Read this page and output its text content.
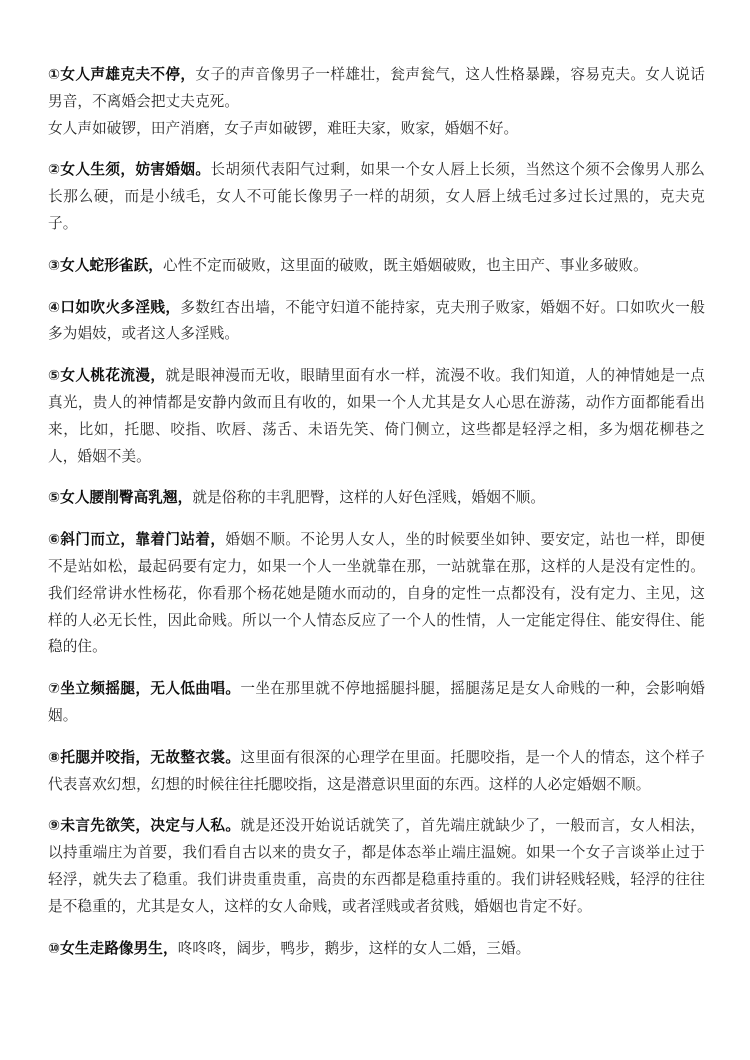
①女人声雄克夫不停，女子的声音像男子一样雄壮，瓮声瓮气，这人性格暴躁，容易克夫。女人说话男音，不离婚会把丈夫克死。
女人声如破锣，田产消磨，女子声如破锣，难旺夫家，败家，婚姻不好。

②女人生须，妨害婚姻。长胡须代表阳气过剩，如果一个女人唇上长须，当然这个须不会像男人那么长那么硬，而是小绒毛，女人不可能长像男子一样的胡须，女人唇上绒毛过多过长过黑的，克夫克子。

③女人蛇形雀跃，心性不定而破败，这里面的破败，既主婚姻破败，也主田产、事业多破败。

④口如吹火多淫贱，多数红杏出墙，不能守妇道不能持家，克夫刑子败家，婚姻不好。口如吹火一般多为娼妓，或者这人多淫贱。

⑤女人桃花流漫，就是眼神漫而无收，眼睛里面有水一样，流漫不收。我们知道，人的神情她是一点真光，贵人的神情都是安静内敛而且有收的，如果一个人尤其是女人心思在游荡，动作方面都能看出来，比如，托腮、咬指、吹唇、荡舌、未语先笑、倚门侧立，这些都是轻浮之相，多为烟花柳巷之人，婚姻不美。

⑤女人腰削臀高乳翘，就是俗称的丰乳肥臀，这样的人好色淫贱，婚姻不顺。

⑥斜门而立，靠着门站着，婚姻不顺。不论男人女人，坐的时候要坐如钟、要安定，站也一样，即便不是站如松，最起码要有定力，如果一个人一坐就靠在那，一站就靠在那，这样的人是没有定性的。我们经常讲水性杨花，你看那个杨花她是随水而动的，自身的定性一点都没有，没有定力、主见，这样的人必无长性，因此命贱。所以一个人情态反应了一个人的性情，人一定能定得住、能安得住、能稳的住。

⑦坐立频摇腿，无人低曲唱。一坐在那里就不停地摇腿抖腿，摇腿荡足是女人命贱的一种，会影响婚姻。

⑧托腮并咬指，无故整衣裳。这里面有很深的心理学在里面。托腮咬指，是一个人的情态，这个样子代表喜欢幻想，幻想的时候往往托腮咬指，这是潜意识里面的东西。这样的人必定婚姻不顺。

⑨未言先欲笑，决定与人私。就是还没开始说话就笑了，首先端庄就缺少了，一般而言，女人相法，以持重端庄为首要，我们看自古以来的贵女子，都是体态举止端庄温婉。如果一个女子言谈举止过于轻浮，就失去了稳重。我们讲贵重贵重，高贵的东西都是稳重持重的。我们讲轻贱轻贱，轻浮的往往是不稳重的，尤其是女人，这样的女人命贱，或者淫贱或者贫贱，婚姻也肯定不好。

⑩女生走路像男生，咚咚咚，阔步，鸭步，鹅步，这样的女人二婚，三婚。
